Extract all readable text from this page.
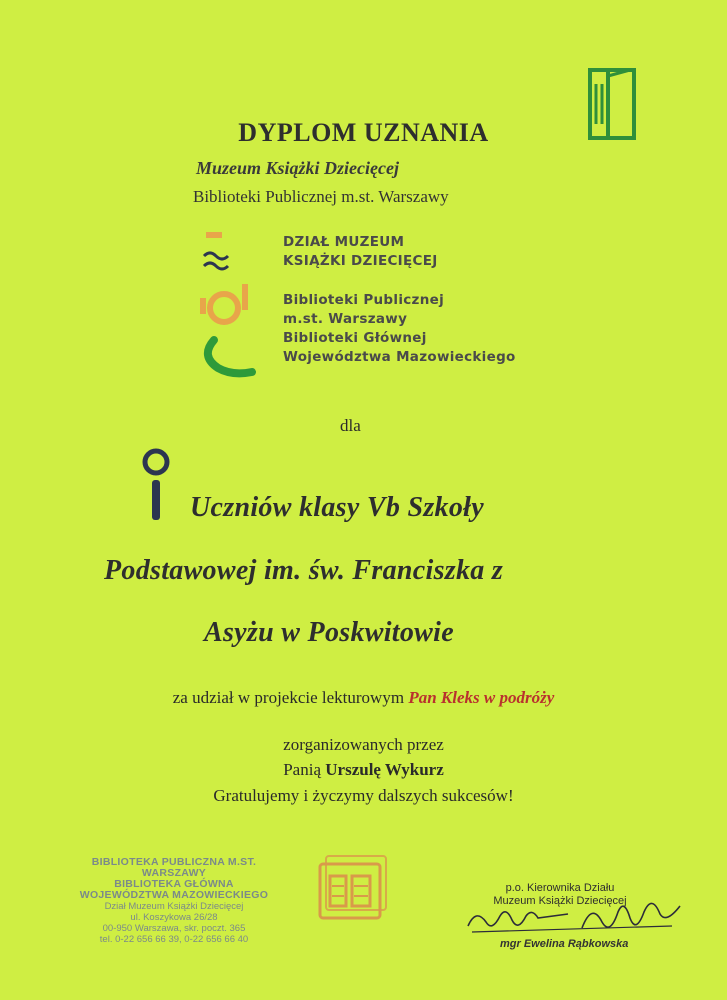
DYPLOM UZNANIA
Muzeum Książki Dziecięcej
Biblioteki Publicznej m.st. Warszawy
DZIAŁ MUZEUM
KSIĄŻKI DZIECIĘCEJ
Biblioteki Publicznej
m.st. Warszawy
Biblioteki Głównej
Województwa Mazowieckiego
dla
Uczniów klasy Vb Szkoły
Podstawowej im. św. Franciszka z
Asyżu w Poskwitowie
za udział w projekcie lekturowym Pan Kleks w podróży
zorganizowanych przez
Panią Urszulę Wykurz
Gratulujemy i życzymy dalszych sukcesów!
BIBLIOTEKA PUBLICZNA M.ST. WARSZAWY
BIBLIOTEKA GŁÓWNA
WOJEWÓDZTWA MAZOWIECKIEGO
Dział Muzeum Książki Dziecięcej
ul. Koszykowa 26/28
00-950 Warszawa, skr. poczt. 365
tel. 0-22 656 66 39, 0-22 656 66 40
p.o. Kierownika Działu
Muzeum Książki Dziecięcej
mgr Ewelina Rąbkowska
